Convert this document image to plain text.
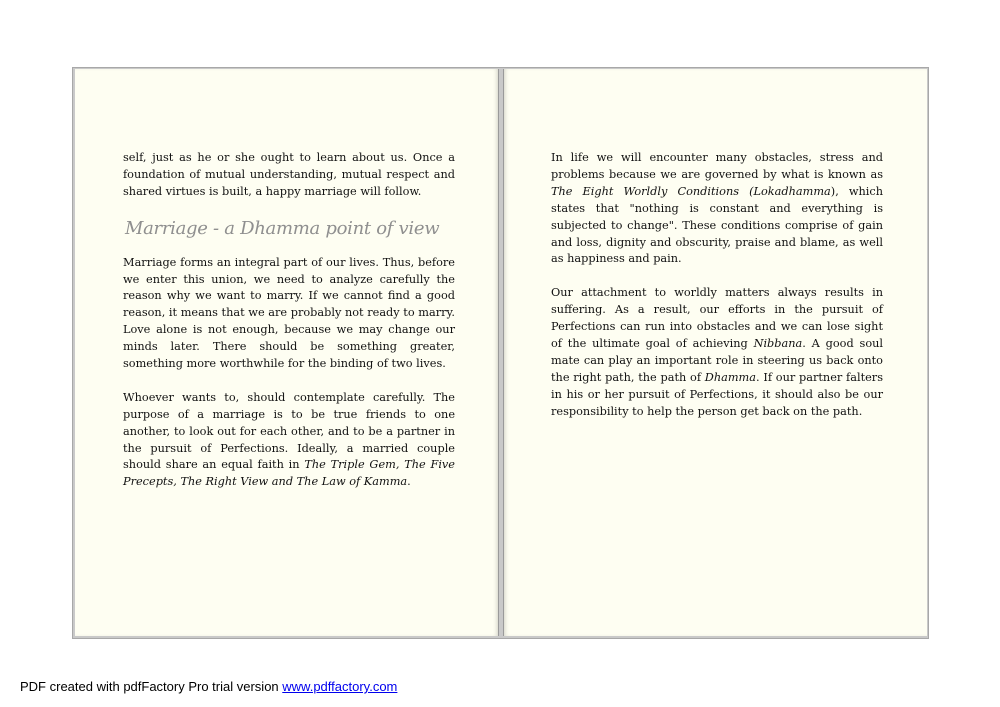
self, just as he or she ought to learn about us. Once a foundation of mutual understanding, mutual respect and shared virtues is built, a happy marriage will follow.

Marriage - a Dhamma point of view

Marriage forms an integral part of our lives. Thus, before we enter this union, we need to analyze carefully the reason why we want to marry. If we cannot find a good reason, it means that we are probably not ready to marry. Love alone is not enough, because we may change our minds later. There should be something greater, something more worthwhile for the binding of two lives.

Whoever wants to, should contemplate carefully. The purpose of a marriage is to be true friends to one another, to look out for each other, and to be a partner in the pursuit of Perfections. Ideally, a married couple should share an equal faith in The Triple Gem, The Five Precepts, The Right View and The Law of Kamma.

In life we will encounter many obstacles, stress and problems because we are governed by what is known as The Eight Worldly Conditions (Lokadhamma), which states that "nothing is constant and everything is subjected to change". These conditions comprise of gain and loss, dignity and obscurity, praise and blame, as well as happiness and pain.

Our attachment to worldly matters always results in suffering. As a result, our efforts in the pursuit of Perfections can run into obstacles and we can lose sight of the ultimate goal of achieving Nibbana. A good soul mate can play an important role in steering us back onto the right path, the path of Dhamma. If our partner falters in his or her pursuit of Perfections, it should also be our responsibility to help the person get back on the path.

PDF created with pdfFactory Pro trial version www.pdffactory.com
